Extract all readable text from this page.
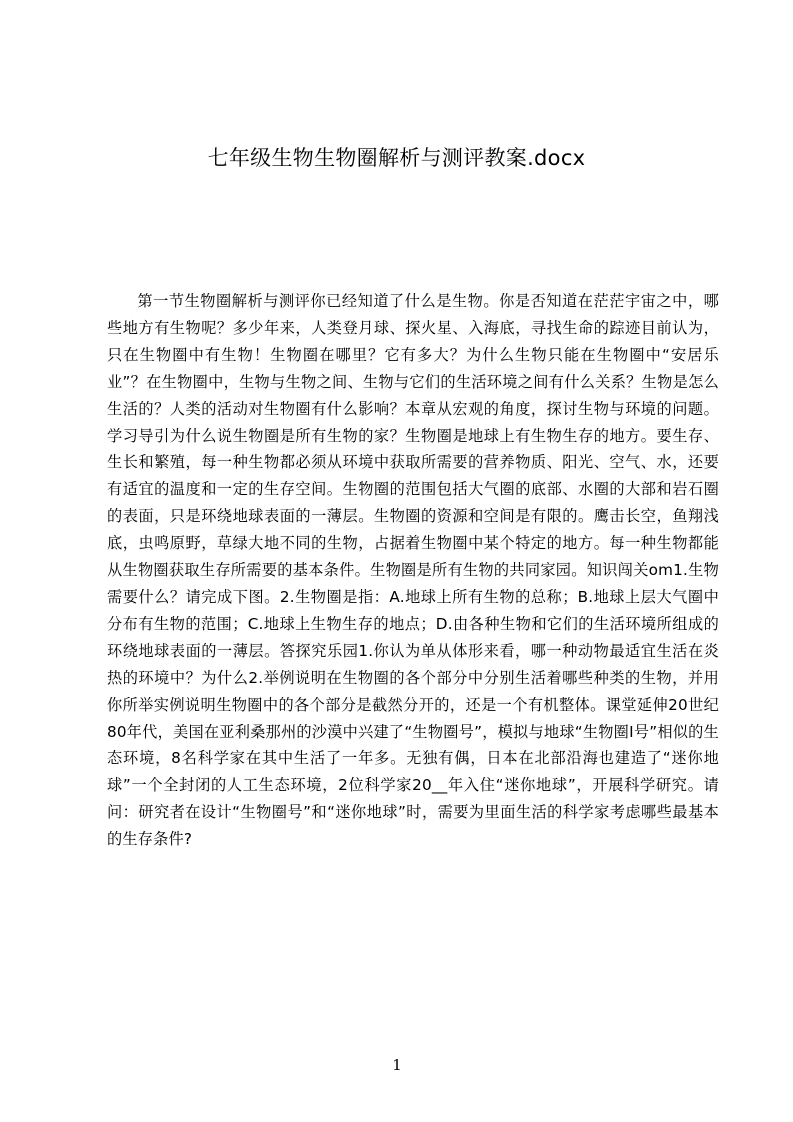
七年级生物生物圈解析与测评教案.docx

第一节生物圈解析与测评你已经知道了什么是生物。你是否知道在茫茫宇宙之中，哪些地方有生物呢？多少年来，人类登月球、探火星、入海底，寻找生命的踪迹目前认为，只在生物圈中有生物！生物圈在哪里？它有多大？为什么生物只能在生物圈中“安居乐业”？在生物圈中，生物与生物之间、生物与它们的生活环境之间有什么关系？生物是怎么生活的？人类的活动对生物圈有什么影响？本章从宏观的角度，探讨生物与环境的问题。学习导引为什么说生物圈是所有生物的家？生物圈是地球上有生物生存的地方。要生存、生长和繁殖，每一种生物都必须从环境中获取所需要的营养物质、阳光、空气、水，还要有适宜的温度和一定的生存空间。生物圈的范围包括大气圈的底部、水圈的大部和岩石圈的表面，只是环绕地球表面的一薄层。生物圈的资源和空间是有限的。鹰击长空，鱼翔浅底，虫鸣原野，草绿大地不同的生物，占据着生物圈中某个特定的地方。每一种生物都能从生物圈获取生存所需要的基本条件。生物圈是所有生物的共同家园。知识闯关om1.生物需要什么？请完成下图。2.生物圈是指：A.地球上所有生物的总称；B.地球上层大气圈中分布有生物的范围；C.地球上生物生存的地点；D.由各种生物和它们的生活环境所组成的环绕地球表面的一薄层。答探究乐园1.你认为单从体形来看，哪一种动物最适宜生活在炎热的环境中？为什么2.举例说明在生物圈的各个部分中分别生活着哪些种类的生物，并用你所举实例说明生物圈中的各个部分是截然分开的，还是一个有机整体。课堂延伸20世纪80年代，美国在亚利桑那州的沙漠中兴建了“生物圈号”，模拟与地球“生物圈Ⅰ号”相似的生态环境，8名科学家在其中生活了一年多。无独有偶，日本在北部沿海也建造了“迷你地球”一个全封闭的人工生态环境，2位科学家20__年入住“迷你地球”，开展科学研究。请问：研究者在设计“生物圈号”和“迷你地球”时，需要为里面生活的科学家考虑哪些最基本的生存条件?

1
